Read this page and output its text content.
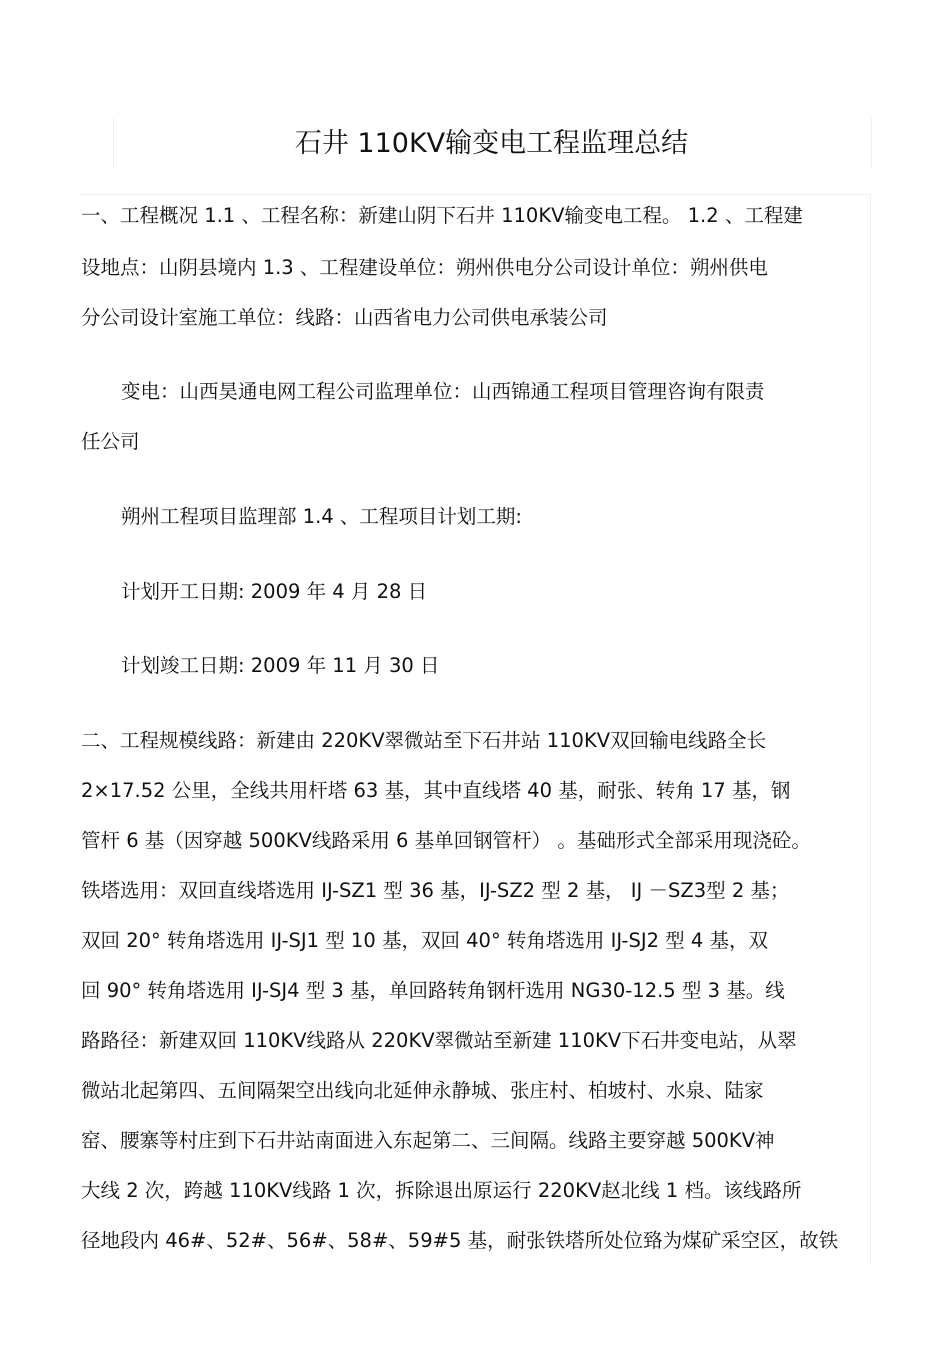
石井 110KV输变电工程监理总结
一、工程概况 1.1 、工程名称：新建山阴下石井 110KV输变电工程。 1.2 、工程建
设地点：山阴县境内 1.3 、工程建设单位：朔州供电分公司设计单位：朔州供电
分公司设计室施工单位：线路：山西省电力公司供电承装公司
变电：山西昊通电网工程公司监理单位：山西锦通工程项目管理咨询有限责
任公司
朔州工程项目监理部 1.4 、工程项目计划工期:
计划开工日期: 2009 年 4 月 28 日
计划竣工日期: 2009 年 11 月 30 日
二、工程规模线路：新建由 220KV翠微站至下石井站 110KV双回输电线路全长
2×17.52 公里，全线共用杆塔 63 基，其中直线塔 40 基，耐张、转角 17 基，钢
管杆 6 基（因穿越 500KV线路采用 6 基单回钢管杆） 。基础形式全部采用现浇砼。
铁塔选用：双回直线塔选用 IJ-SZ1 型 36 基，IJ-SZ2 型 2 基， IJ －SZ3型 2 基；
双回 20° 转角塔选用 IJ-SJ1 型 10 基，双回 40° 转角塔选用 IJ-SJ2 型 4 基，双
回 90° 转角塔选用 IJ-SJ4 型 3 基，单回路转角钢杆选用 NG30-12.5 型 3 基。线
路路径：新建双回 110KV线路从 220KV翠微站至新建 110KV下石井变电站，从翠
微站北起第四、五间隔架空出线向北延伸永静城、张庄村、柏坡村、水泉、陆家
窑、腰寨等村庄到下石井站南面进入东起第二、三间隔。线路主要穿越 500KV神
大线 2 次，跨越 110KV线路 1 次，拆除退出原运行 220KV赵北线 1 档。该线路所
径地段内 46#、52#、56#、58#、59#5 基，耐张铁塔所处位臵为煤矿采空区，故铁
